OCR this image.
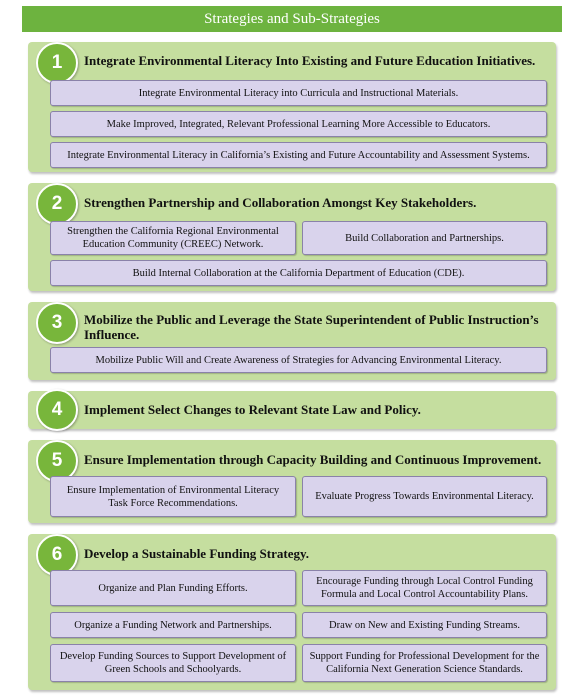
Strategies and Sub-Strategies
1	Integrate Environmental Literacy Into Existing and Future Education Initiatives.
Integrate Environmental Literacy into Curricula and Instructional Materials.
Make Improved, Integrated, Relevant Professional Learning More Accessible to Educators.
Integrate Environmental Literacy in California’s Existing and Future Accountability and Assessment Systems.
2	Strengthen Partnership and Collaboration Amongst Key Stakeholders.
Strengthen the California Regional Environmental Education Community (CREEC) Network.
Build Collaboration and Partnerships.
Build Internal Collaboration at the California Department of Education (CDE).
3	Mobilize the Public and Leverage the State Superintendent of Public Instruction’s Influence.
Mobilize Public Will and Create Awareness of Strategies for Advancing Environmental Literacy.
4	Implement Select Changes to Relevant State Law and Policy.
5	Ensure Implementation through Capacity Building and Continuous Improvement.
Ensure Implementation of Environmental Literacy Task Force Recommendations.
Evaluate Progress Towards Environmental Literacy.
6	Develop a Sustainable Funding Strategy.
Organize and Plan Funding Efforts.
Encourage Funding through Local Control Funding Formula and Local Control Accountability Plans.
Organize a Funding Network and Partnerships.	Draw on New and Existing Funding Streams.
Develop Funding Sources to Support Development of Green Schools and Schoolyards.
Support Funding for Professional Development for the California Next Generation Science Standards.
